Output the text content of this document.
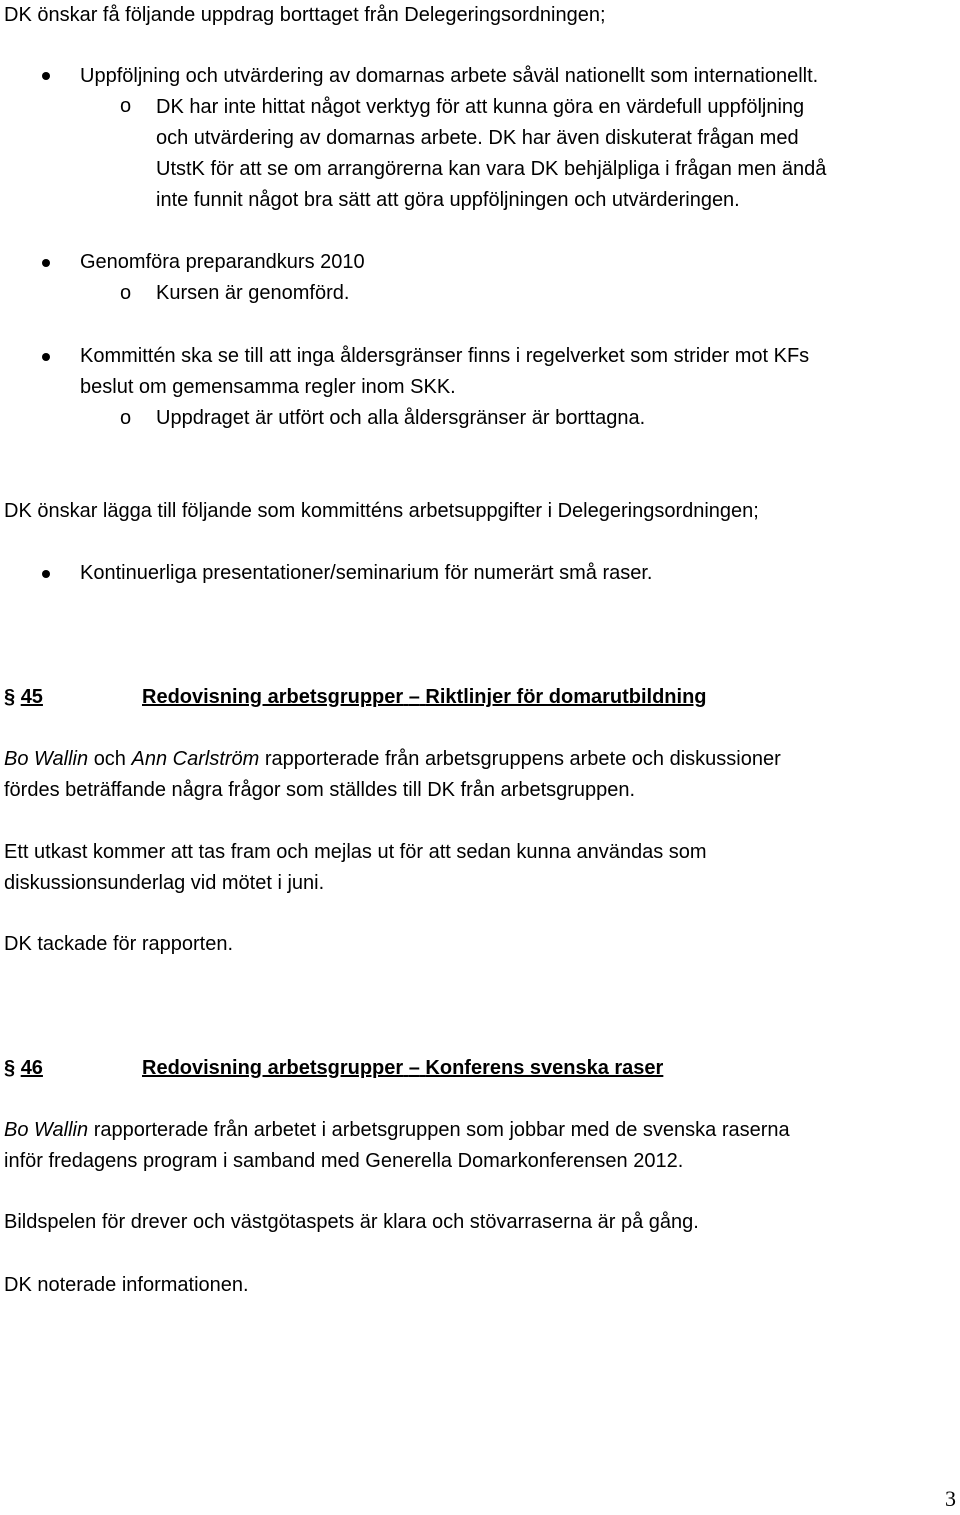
DK önskar få följande uppdrag borttaget från Delegeringsordningen;
Uppföljning och utvärdering av domarnas arbete såväl nationellt som internationellt.
o DK har inte hittat något verktyg för att kunna göra en värdefull uppföljning
och utvärdering av domarnas arbete. DK har även diskuterat frågan med
UtstK för att se om arrangörerna kan vara DK behjälpliga i frågan men ändå
inte funnit något bra sätt att göra uppföljningen och utvärderingen.
Genomföra preparandkurs 2010
o Kursen är genomförd.
Kommittén ska se till att inga åldersgränser finns i regelverket som strider mot KFs
beslut om gemensamma regler inom SKK.
o Uppdraget är utfört och alla åldersgränser är borttagna.
DK önskar lägga till följande som kommitténs arbetsuppgifter i Delegeringsordningen;
Kontinuerliga presentationer/seminarium för numerärt små raser.
§ 45	Redovisning arbetsgrupper – Riktlinjer för domarutbildning
Bo Wallin och Ann Carlström rapporterade från arbetsgruppens arbete och diskussioner
fördes beträffande några frågor som ställdes till DK från arbetsgruppen.
Ett utkast kommer att tas fram och mejlas ut för att sedan kunna användas som
diskussionsunderlag vid mötet i juni.
DK tackade för rapporten.
§ 46	Redovisning arbetsgrupper – Konferens svenska raser
Bo Wallin rapporterade från arbetet i arbetsgruppen som jobbar med de svenska raserna
inför fredagens program i samband med Generella Domarkonferensen 2012.
Bildspelen för drever och västgötaspets är klara och stövarraserna är på gång.
DK noterade informationen.
3
